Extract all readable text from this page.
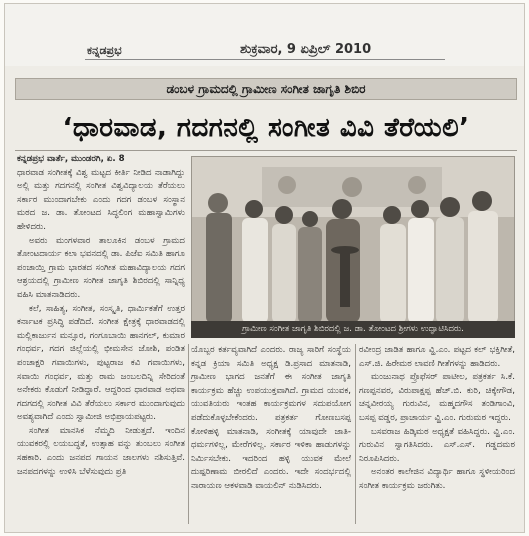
ಕನ್ನಡಪ್ರಭ	ಶುಕ್ರವಾರ, 9 ಏಪ್ರಿಲ್ 2010
ಡಂಬಳ ಗ್ರಾಮದಲ್ಲಿ ಗ್ರಾಮೀಣ ಸಂಗೀತ ಜಾಗೃತಿ ಶಿಬಿರ
‘ಧಾರವಾಡ, ಗದಗನಲ್ಲಿ ಸಂಗೀತ ವಿವಿ ತೆರೆಯಲಿ’

ಕನ್ನಡಪ್ರಭ ವಾರ್ತೆ, ಮುಂಡರಗಿ, ಏ. 8

ಧಾರವಾಡ ಸಂಗೀತಕ್ಕೆ ವಿಶ್ವ ಮಟ್ಟದ ಕೀರ್ತಿ ನೀಡಿದ ನಾಡಾಗಿದ್ದು ಅಲ್ಲಿ ಮತ್ತು ಗದಗನಲ್ಲಿ ಸಂಗೀತ ವಿಶ್ವವಿದ್ಯಾಲಯ ತೆರೆಯಲು ಸರ್ಕಾರ ಮುಂದಾಗಬೇಕು ಎಂದು ಗದಗ ಡಂಬಳ ಸಂಸ್ಥಾನ ಮಠದ ಜ. ಡಾ. ತೋಂಟದ ಸಿದ್ಧಲಿಂಗ ಮಹಾಸ್ವಾಮಿಗಳು ಹೇಳಿದರು.

ಅವರು ಮಂಗಳವಾರ ತಾಲೂಕಿನ ಡಂಬಳ ಗ್ರಾಮದ ತೋಂಟದಾರ್ಯ ಕಲಾ ಭವನದಲ್ಲಿ ಡಾ. ಪಿಜೆಐ ಸಮಿತಿ ಹಾಗೂ ಪಂಚಾಯ್ತಿ ಗ್ರಾಮ ಭಾರತದ ಸಂಗೀತ ಮಹಾವಿದ್ಯಾಲಯ ಗದಗ ಆಶ್ರಯದಲ್ಲಿ ಗ್ರಾಮೀಣ ಸಂಗೀತ ಜಾಗೃತಿ ಶಿಬಿರದಲ್ಲಿ ಸಾನ್ನಿಧ್ಯ ವಹಿಸಿ ಮಾತನಾಡಿದರು.

ಕಲೆ, ಸಾಹಿತ್ಯ, ಸಂಗೀತ, ಸಂಸ್ಕೃತಿ, ಧಾರ್ಮಿಕತೆಗೆ ಉತ್ತರ ಕರ್ನಾಟಕ ಪ್ರಸಿದ್ಧಿ ಪಡೆದಿದೆ. ಸಂಗೀತ ಕ್ಷೇತ್ರಕ್ಕೆ ಧಾರವಾಡದಲ್ಲಿ ಮಲ್ಲಿಕಾರ್ಜುನ ಮನ್ಸೂರ, ಗಂಗೂಬಾಯಿ ಹಾನಗಲ್, ಕುಮಾರ ಗಂಧರ್ವ, ಗದಗ ಜಿಲ್ಲೆಯಲ್ಲಿ ಭೀಮಸೇನ ಜೋಶಿ, ಪಂಡಿತ ಪಂಚಾಕ್ಷರಿ ಗವಾಯಿಗಳು, ಪುಟ್ಟರಾಜ ಕವಿ ಗವಾಯಿಗಳು, ಸವಾಯಿ ಗಂಧರ್ವ, ಮತ್ತು ರಾಮ ಜಂಬಲದಿನ್ನಿ ಸೇರಿದಂತೆ ಅನೇಕರು ಕೊಡುಗೆ ನೀಡಿದ್ದಾರೆ. ಆದ್ದರಿಂದ ಧಾರವಾಡ ಅಥವಾ ಗದಗದಲ್ಲಿ ಸಂಗೀತ ವಿವಿ ತೆರೆಯಲು ಸರ್ಕಾರ ಮುಂದಾಗುವುದು ಅವಶ್ಯವಾಗಿದೆ ಎಂದು ಸ್ವಾಮೀಜಿ ಅಭಿಪ್ರಾಯಪಟ್ಟರು.

ಸಂಗೀತ ಮಾನಸಿಕ ನೆಮ್ಮದಿ ನೀಡುತ್ತದೆ. ಇಂದಿನ ಯುವಕರಲ್ಲಿ ಲಯಬದ್ಧತೆ, ಉತ್ಸಾಹ ವನ್ನು ತುಂಬಲು ಸಂಗೀತ ಸಹಕಾರಿ. ಎಂದು ಜನಪದ ಗಾಯನ ಜಾಲಗಳು ನಶಿಸುತ್ತಿವೆ. ಜನಪದಗಳನ್ನು ಉಳಿಸಿ ಬೆಳೆಸುವುದು ಪ್ರತಿ

ಗ್ರಾಮೀಣ ಸಂಗೀತ ಜಾಗೃತಿ ಶಿಬಿರದಲ್ಲಿ ಜ. ಡಾ. ತೋಂಟದ ಶ್ರೀಗಳು ಉದ್ಘಾಟಿಸಿದರು.

ಯೊಬ್ಬರ ಕರ್ತವ್ಯವಾಗಿದೆ ಎಂದರು. ರಾಜ್ಯ ಸಾರಿಗೆ ಸಂಸ್ಥೆಯ ಕನ್ನಡ ಕ್ರಿಯಾ ಸಮಿತಿ ಅಧ್ಯಕ್ಷ ಡಿ.ಪ್ರಸಾದ ಮಾತನಾಡಿ, ಗ್ರಾಮೀಣ ಭಾಗದ ಜನತೆಗೆ ಈ ಸಂಗೀತ ಜಾಗೃತಿ ಕಾರ್ಯಕ್ರಮ ಹೆಚ್ಚು ಉಪಯುಕ್ತವಾಗಿದೆ. ಗ್ರಾಮದ ಯುವಕ, ಯುವತಿಯರು ಇಂತಹ ಕಾರ್ಯಕ್ರಮಗಳ ಸದುಪಯೋಗ ಪಡೆದುಕೊಳ್ಳಬೇಕೆಂದರು. ಪತ್ರಕರ್ತ ಗೋಣಬಸಪ್ಪ ಕೋಳಿಹಳ್ಳಿ ಮಾತನಾಡಿ, ಸಂಗೀತಕ್ಕೆ ಯಾವುದೇ ಜಾತಿ-ಧರ್ಮಗಳಿಲ್ಲ, ಮೇರೆಗಳಿಲ್ಲ. ಸರ್ಕಾರ ಇಳಿಕಾ ಹಾಡುಗಳನ್ನು ನಿರ್ಮಿಸಬೇಕು. ಇದರಿಂದ ಹಳ್ಳಿ ಯುವಕ ಮೇಲೆ ದುಷ್ಪರಿಣಾಮ ಬೀರಲಿದೆ ಎಂದರು. ಇದೇ ಸಂದರ್ಭದಲ್ಲಿ ನಾರಾಯಣ ಆಕಳವಾಡಿ ವಾಯಲಿನ್ ನುಡಿಸಿದರು.

ರವೀಂದ್ರ ಜಾಡಿತ ಹಾಗೂ ವ್ಹಿ.ಎಂ. ಪಟ್ಟದ ಕಲ್ ಭಕ್ತಿಗೀತೆ, ಎಸ್.ಜಿ. ಹಿರೇಮಠ ಲಾವಣಿ ಗೀತೆಗಳನ್ನು ಹಾಡಿದರು.

ಮಂಜುನಾಥ ಪ್ರೊಫೆಸರ್ ಪಾಟೀಲ, ಪತ್ರಕರ್ತ ಸಿ.ಕೆ. ಗಣಪ್ಪನವರ, ವಿರುಪಾಕ್ಷಪ್ಪ ಹೆಚ್.ಬಿ. ಕುರಿ, ಚಿಕ್ಕೇಗೌಡ, ಚನ್ನವೀರಯ್ಯ ಗುರುವಿನ, ಮಹ್ಮದಗೌಸ ತಂಡಿಗಾಂವಿ, ಬಸಪ್ಪ ವಡ್ಡರ, ಪ್ರಾಚಾರ್ಯ ವ್ಹಿ.ಎಂ. ಗುರುಮಠ ಇದ್ದರು.

ಬಸವರಾಜ ಹಿಡ್ಕಿಮಠ ಅಧ್ಯಕ್ಷತೆ ವಹಿಸಿದ್ದರು. ವ್ಹಿ.ಎಂ. ಗುರುವಿನ ಸ್ವಾಗತಿಸಿದರು. ಎಸ್.ಎಸ್. ಗಡ್ಡದಮಠ ನಿರೂಪಿಸಿದರು.

ಅನಂತರ ಕಾಲೇಜಿನ ವಿದ್ಯಾರ್ಥಿ ಹಾಗೂ ಸ್ಥಳೀಯರಿಂದ ಸಂಗೀತ ಕಾರ್ಯಕ್ರಮ ಜರುಗಿತು.
